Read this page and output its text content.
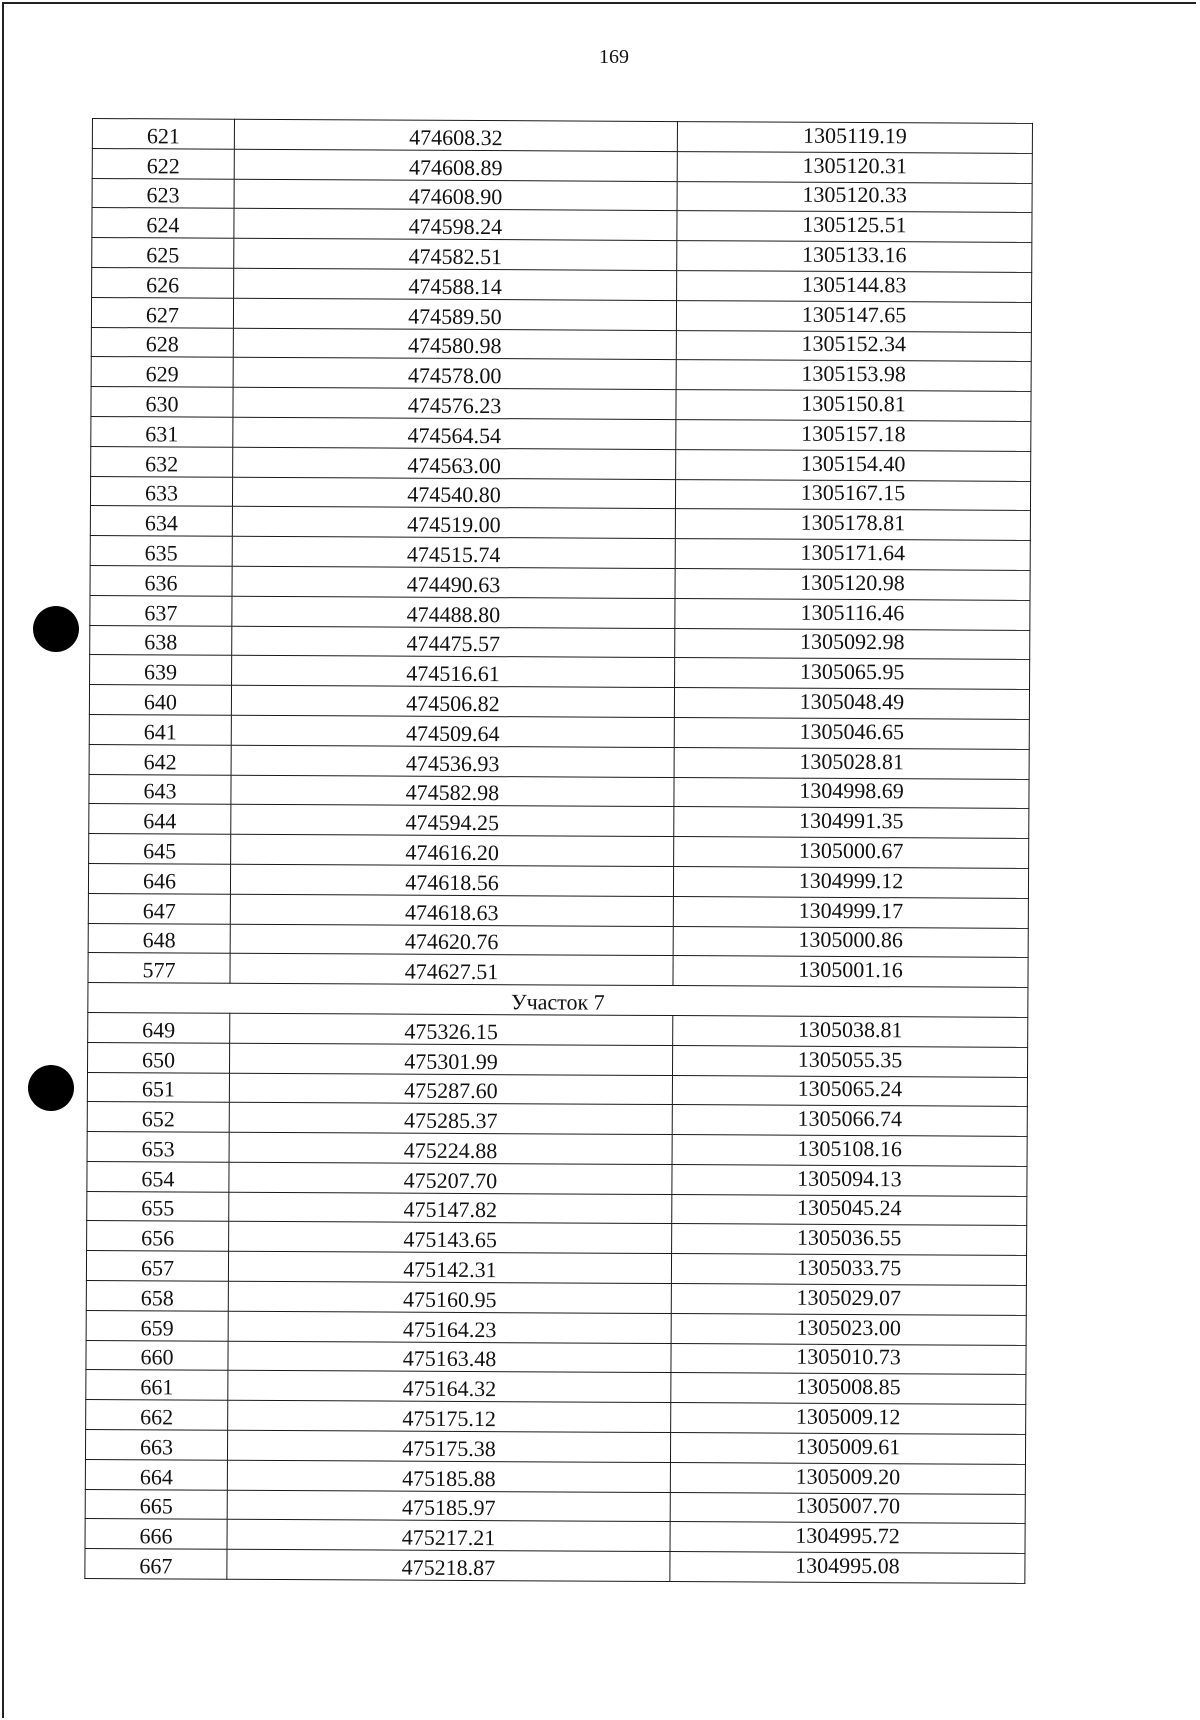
169
621	474608.32	1305119.19
622	474608.89	1305120.31
623	474608.90	1305120.33
624	474598.24	1305125.51
625	474582.51	1305133.16
626	474588.14	1305144.83
627	474589.50	1305147.65
628	474580.98	1305152.34
629	474578.00	1305153.98
630	474576.23	1305150.81
631	474564.54	1305157.18
632	474563.00	1305154.40
633	474540.80	1305167.15
634	474519.00	1305178.81
635	474515.74	1305171.64
636	474490.63	1305120.98
637	474488.80	1305116.46
638	474475.57	1305092.98
639	474516.61	1305065.95
640	474506.82	1305048.49
641	474509.64	1305046.65
642	474536.93	1305028.81
643	474582.98	1304998.69
644	474594.25	1304991.35
645	474616.20	1305000.67
646	474618.56	1304999.12
647	474618.63	1304999.17
648	474620.76	1305000.86
577	474627.51	1305001.16
Участок 7		
649	475326.15	1305038.81
650	475301.99	1305055.35
651	475287.60	1305065.24
652	475285.37	1305066.74
653	475224.88	1305108.16
654	475207.70	1305094.13
655	475147.82	1305045.24
656	475143.65	1305036.55
657	475142.31	1305033.75
658	475160.95	1305029.07
659	475164.23	1305023.00
660	475163.48	1305010.73
661	475164.32	1305008.85
662	475175.12	1305009.12
663	475175.38	1305009.61
664	475185.88	1305009.20
665	475185.97	1305007.70
666	475217.21	1304995.72
667	475218.87	1304995.08
